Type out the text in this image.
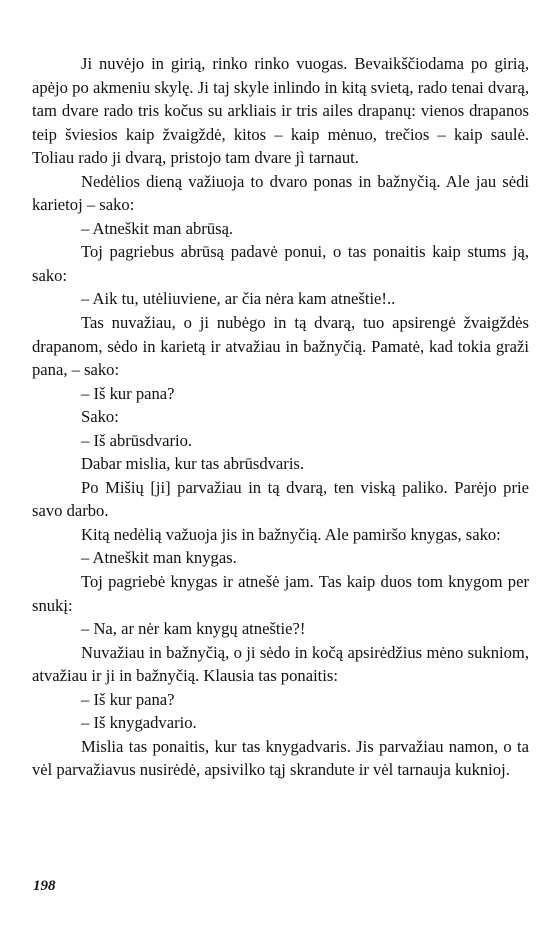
Ji nuvėjo in girią, rinko rinko vuogas. Bevaikščiodama po girią, apėjo po akmeniu skylę. Ji taj skyle inlindo in kitą svietą, rado tenai dvarą, tam dvare rado tris kočus su arkliais ir tris ailes drapanų: vienos drapanos teip šviesios kaip žvaigždė, kitos – kaip mėnuo, trečios – kaip saulė. Toliau rado ji dvarą, pristojo tam dvare jì tarnaut.

Nedėlios dieną važiuoja to dvaro ponas in bažnyčią. Ale jau sėdi karietoj – sako:

– Atneškit man abrūsą.

Toj pagriebus abrūsą padavė ponui, o tas ponaitis kaip stums ją, sako:

– Aik tu, utėliuviene, ar čia nėra kam atneštie!..

Tas nuvažiau, o ji nubėgo in tą dvarą, tuo apsirengė žvaigždės drapanom, sėdo in karietą ir atvažiau in bažnyčią. Pamatė, kad tokia graži pana, – sako:

– Iš kur pana?

Sako:

– Iš abrūsdvario.

Dabar mislia, kur tas abrūsdvaris.

Po Mišių [ji] parvažiau in tą dvarą, ten viską paliko. Parėjo prie savo darbo.

Kitą nedėlią važuoja jis in bažnyčią. Ale pamiršo knygas, sako:

– Atneškit man knygas.

Toj pagriebė knygas ir atnešė jam. Tas kaip duos tom knygom per snukį:

– Na, ar nėr kam knygų atneštie?!

Nuvažiau in bažnyčią, o ji sėdo in kočą apsirėdžius mėno sukniom, atvažiau ir ji in bažnyčią. Klausia tas ponaitis:

– Iš kur pana?

– Iš knygadvario.

Mislia tas ponaitis, kur tas knygadvaris. Jis parvažiau namon, o ta vėl parvažiavus nusirėdė, apsivilko tąj skrandute ir vėl tarnauja kuknioj.

198
